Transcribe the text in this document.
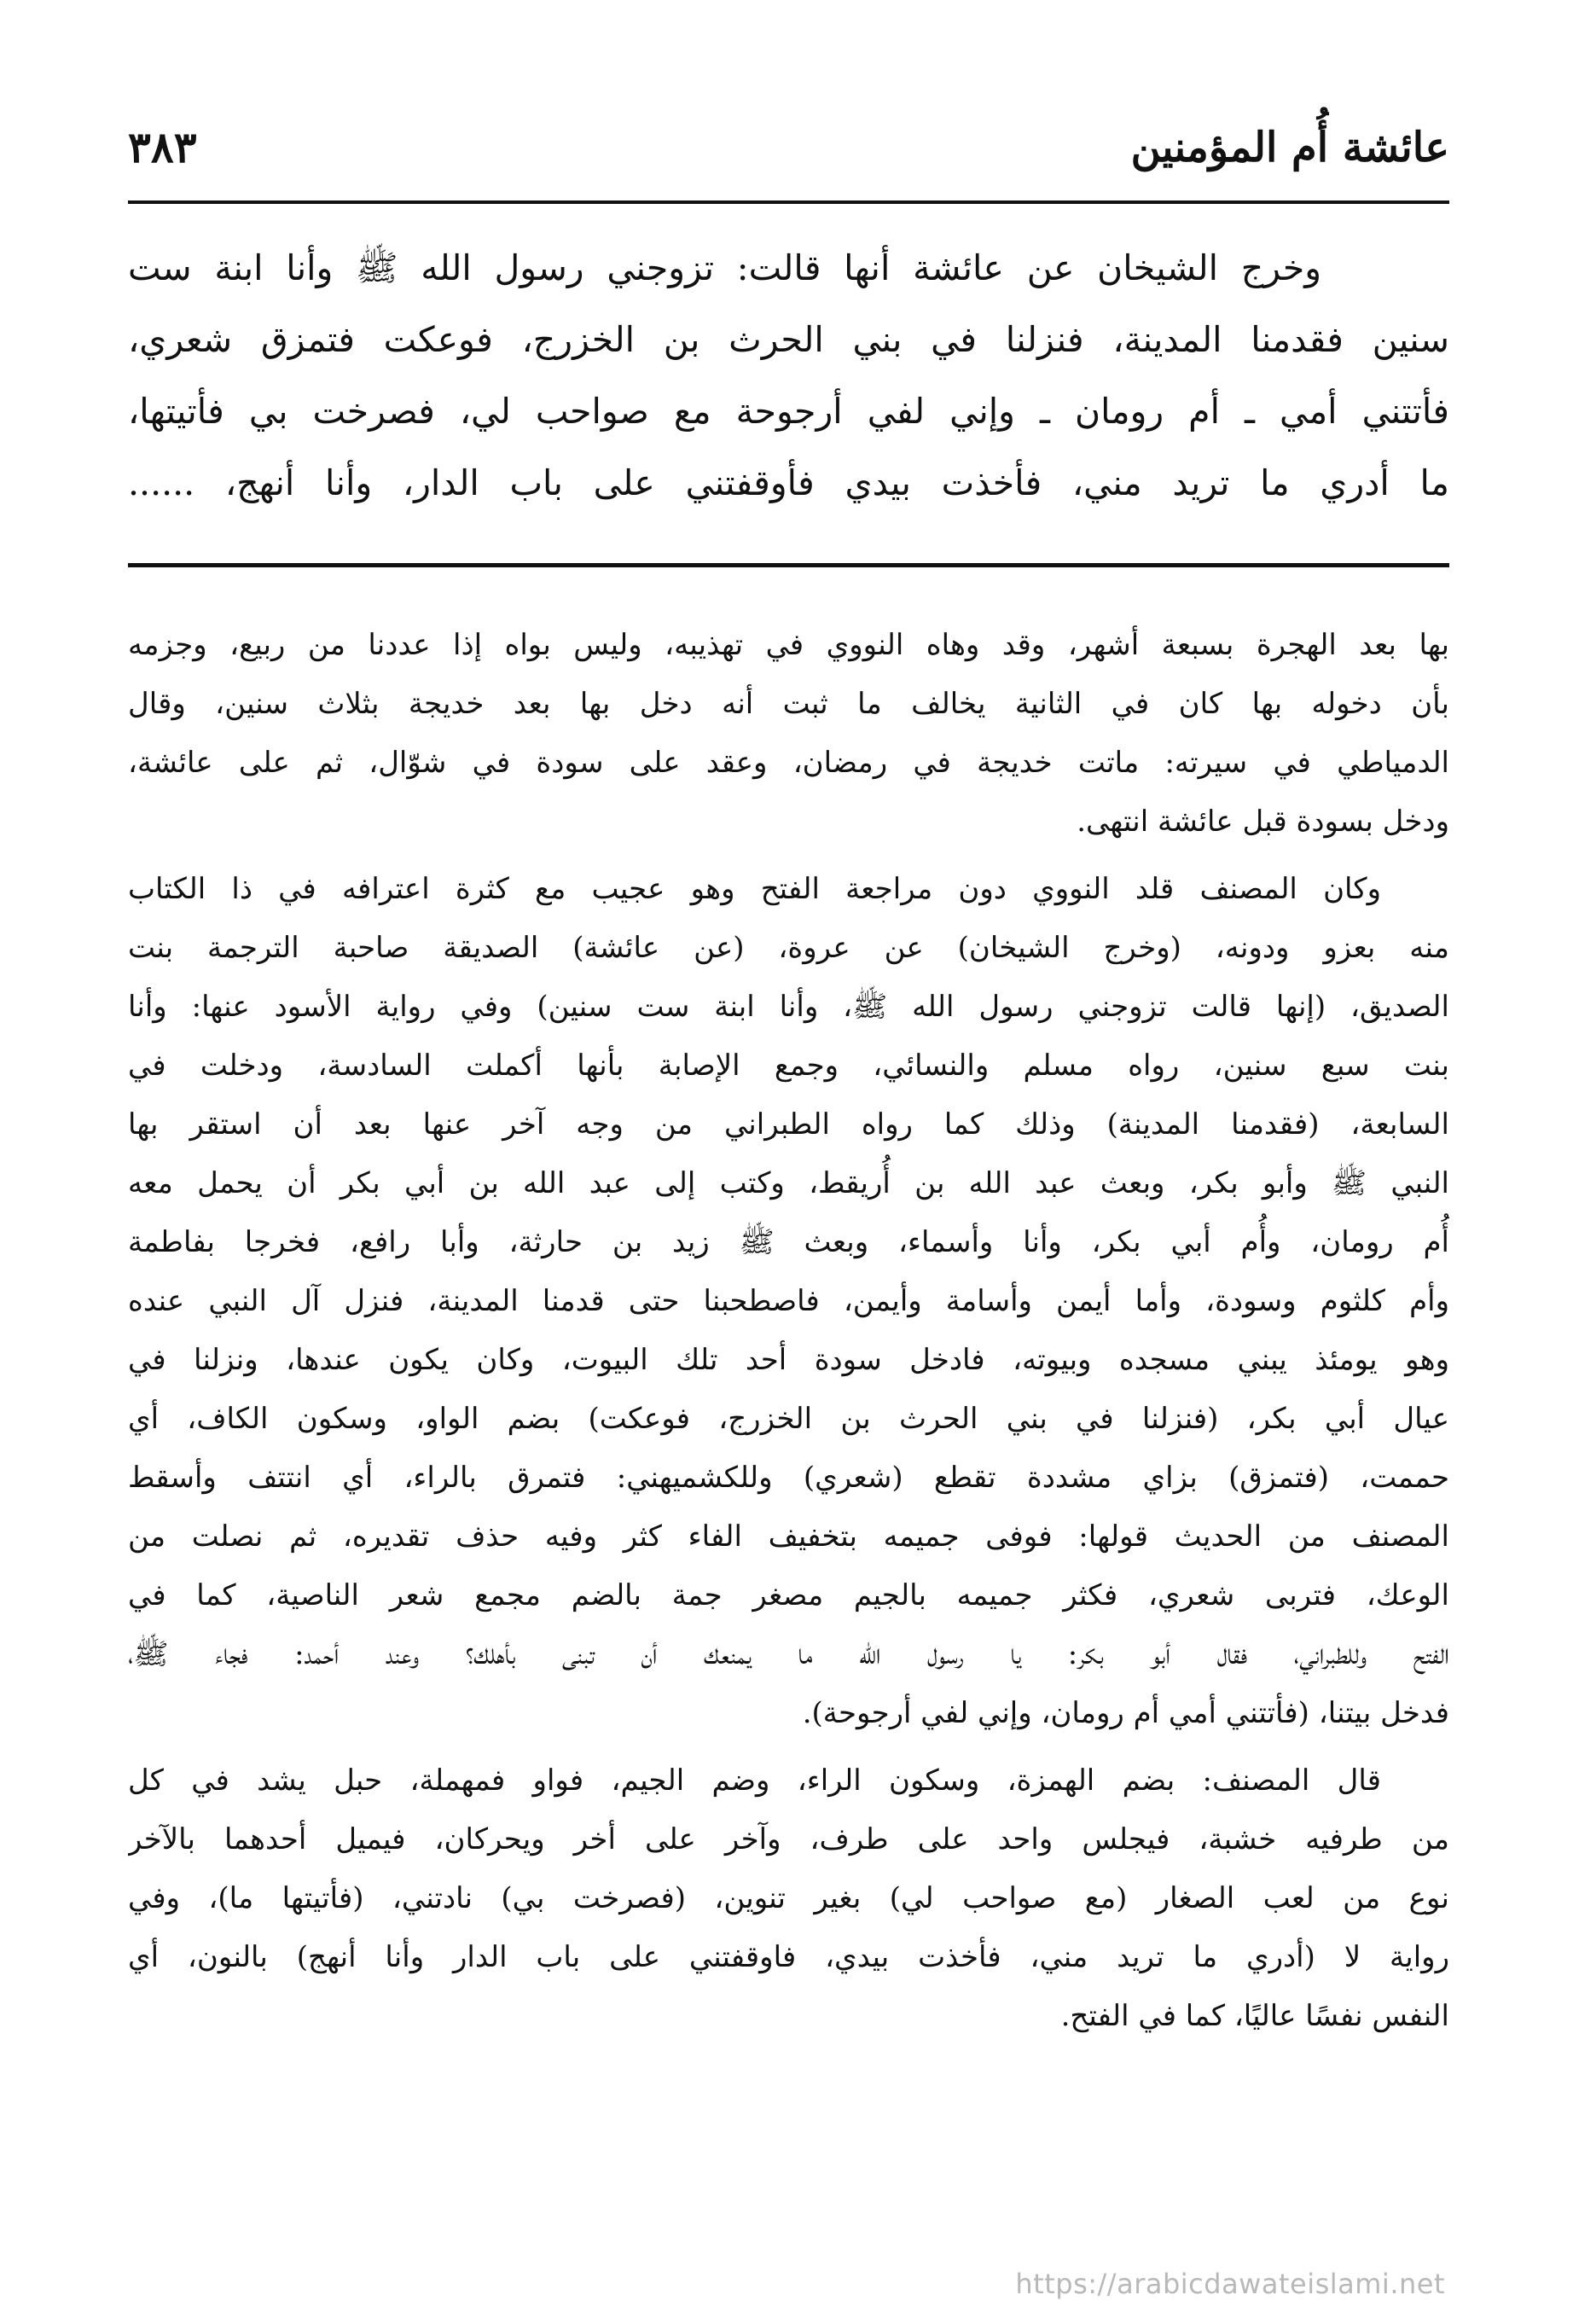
عائشة أُم المؤمنين
٣٨٣
وخرج الشيخان عن عائشة أنها قالت: تزوجني رسول الله ﷺ وأنا ابنة ست
سنين فقدمنا المدينة، فنزلنا في بني الحرث بن الخزرج، فوعكت فتمزق شعري،
فأتتني أمي ـ أم رومان ـ وإني لفي أرجوحة مع صواحب لي، فصرخت بي فأتيتها،
ما أدري ما تريد مني، فأخذت بيدي فأوقفتني على باب الدار، وأنا أنهج، ......
بها بعد الهجرة بسبعة أشهر، وقد وهاه النووي في تهذيبه، وليس بواه إذا عددنا من ربيع، وجزمه
بأن دخوله بها كان في الثانية يخالف ما ثبت أنه دخل بها بعد خديجة بثلاث سنين، وقال
الدمياطي في سيرته: ماتت خديجة في رمضان، وعقد على سودة في شوّال، ثم على عائشة،
ودخل بسودة قبل عائشة انتهى.
وكان المصنف قلد النووي دون مراجعة الفتح وهو عجيب مع كثرة اعترافه في ذا الكتاب
منه بعزو ودونه، (وخرج الشيخان) عن عروة، (عن عائشة) الصديقة صاحبة الترجمة بنت
الصديق، (إنها قالت تزوجني رسول الله ﷺ، وأنا ابنة ست سنين) وفي رواية الأسود عنها: وأنا
بنت سبع سنين، رواه مسلم والنسائي، وجمع الإصابة بأنها أكملت السادسة، ودخلت في
السابعة، (فقدمنا المدينة) وذلك كما رواه الطبراني من وجه آخر عنها بعد أن استقر بها
النبي ﷺ وأبو بكر، وبعث عبد الله بن أُريقط، وكتب إلى عبد الله بن أبي بكر أن يحمل معه
أُم رومان، وأُم أبي بكر، وأنا وأسماء، وبعث ﷺ زيد بن حارثة، وأبا رافع، فخرجا بفاطمة
وأم كلثوم وسودة، وأما أيمن وأسامة وأيمن، فاصطحبنا حتى قدمنا المدينة، فنزل آل النبي عنده
وهو يومئذ يبني مسجده وبيوته، فادخل سودة أحد تلك البيوت، وكان يكون عندها، ونزلنا في
عيال أبي بكر، (فنزلنا في بني الحرث بن الخزرج، فوعكت) بضم الواو، وسكون الكاف، أي
حممت، (فتمزق) بزاي مشددة تقطع (شعري) وللكشميهني: فتمرق بالراء، أي انتتف وأسقط
المصنف من الحديث قولها: فوفى جميمه بتخفيف الفاء كثر وفيه حذف تقديره، ثم نصلت من
الوعك، فتربى شعري، فكثر جميمه بالجيم مصغر جمة بالضم مجمع شعر الناصية، كما في
الفتح وللطبراني، فقال أبو بكر: يا رسول الله ما يمنعك أن تبنى بأهلك؟ وعند أحمد: فجاء ﷺ،
فدخل بيتنا، (فأتتني أمي أم رومان، وإني لفي أرجوحة).
قال المصنف: بضم الهمزة، وسكون الراء، وضم الجيم، فواو فمهملة، حبل يشد في كل
من طرفيه خشبة، فيجلس واحد على طرف، وآخر على أخر ويحركان، فيميل أحدهما بالآخر
نوع من لعب الصغار (مع صواحب لي) بغير تنوين، (فصرخت بي) نادتني، (فأتيتها ما)، وفي
رواية لا (أدري ما تريد مني، فأخذت بيدي، فاوقفتني على باب الدار وأنا أنهج) بالنون، أي
النفس نفسًا عاليًا، كما في الفتح.
https://arabicdawateislami.net
